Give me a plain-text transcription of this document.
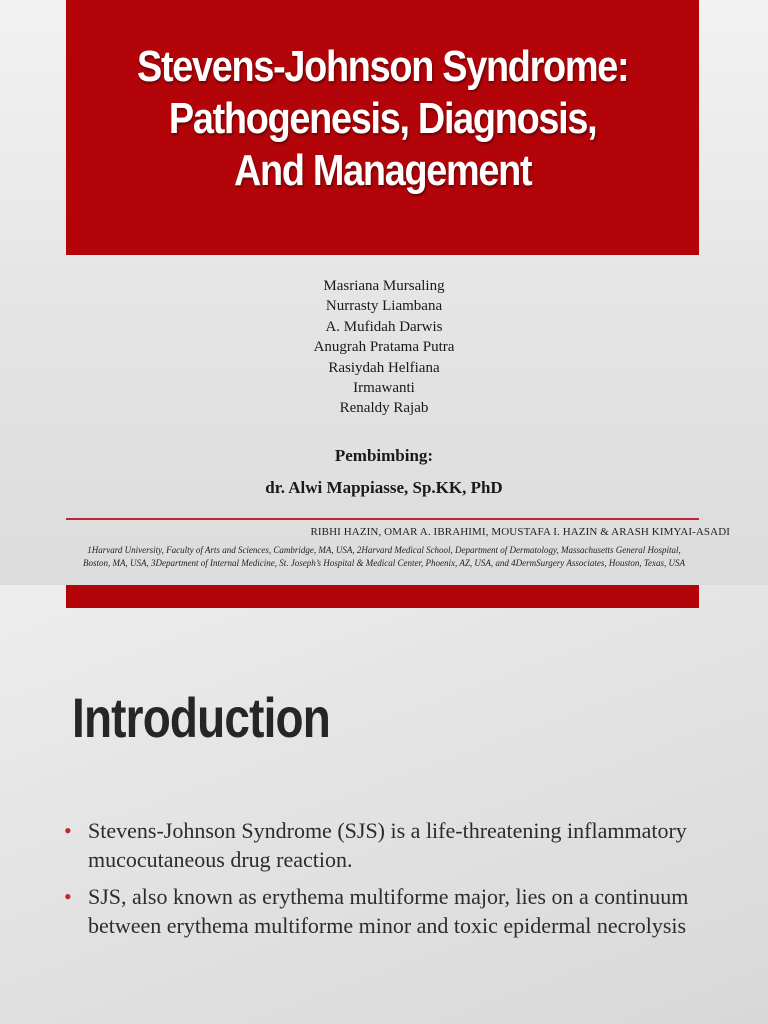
Stevens-Johnson Syndrome:
Pathogenesis, Diagnosis,
And Management
Masriana Mursaling
Nurrasty Liambana
A. Mufidah Darwis
Anugrah Pratama Putra
Rasiydah Helfiana
Irmawanti
Renaldy Rajab
Pembimbing:
dr. Alwi Mappiasse, Sp.KK, PhD
RIBHI HAZIN, OMAR A. IBRAHIMI, MOUSTAFA I. HAZIN & ARASH KIMYAI-ASADI
1Harvard University, Faculty of Arts and Sciences, Cambridge, MA, USA, 2Harvard Medical School, Department of Dermatology, Massachusetts General Hospital,
Boston, MA, USA, 3Department of Internal Medicine, St. Joseph’s Hospital & Medical Center, Phoenix, AZ, USA, and 4DermSurgery Associates, Houston, Texas, USA
Introduction
• Stevens-Johnson Syndrome (SJS) is a life-threatening inflammatory mucocutaneous drug reaction.
• SJS, also known as erythema multiforme major, lies on a continuum between erythema multiforme minor and toxic epidermal necrolysis
